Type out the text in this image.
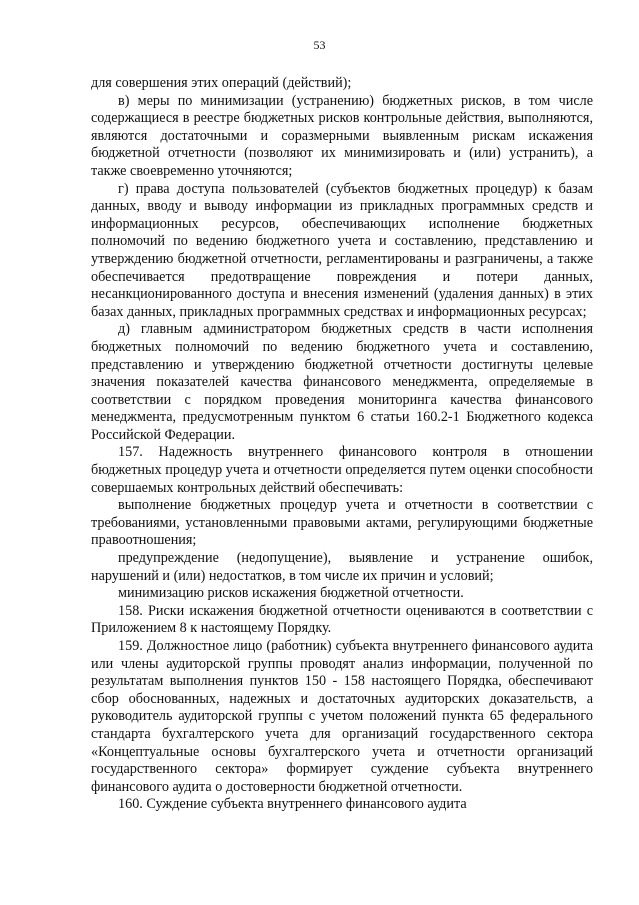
53

для совершения этих операций (действий);

в) меры по минимизации (устранению) бюджетных рисков, в том числе содержащиеся в реестре бюджетных рисков контрольные действия, выполняются, являются достаточными и соразмерными выявленным рискам искажения бюджетной отчетности (позволяют их минимизировать и (или) устранить), а также своевременно уточняются;

г) права доступа пользователей (субъектов бюджетных процедур) к базам данных, вводу и выводу информации из прикладных программных средств и информационных ресурсов, обеспечивающих исполнение бюджетных полномочий по ведению бюджетного учета и составлению, представлению и утверждению бюджетной отчетности, регламентированы и разграничены, а также обеспечивается предотвращение повреждения и потери данных, несанкционированного доступа и внесения изменений (удаления данных) в этих базах данных, прикладных программных средствах и информационных ресурсах;

д) главным администратором бюджетных средств в части исполнения бюджетных полномочий по ведению бюджетного учета и составлению, представлению и утверждению бюджетной отчетности достигнуты целевые значения показателей качества финансового менеджмента, определяемые в соответствии с порядком проведения мониторинга качества финансового менеджмента, предусмотренным пунктом 6 статьи 160.2-1 Бюджетного кодекса Российской Федерации.

157. Надежность внутреннего финансового контроля в отношении бюджетных процедур учета и отчетности определяется путем оценки способности совершаемых контрольных действий обеспечивать:

выполнение бюджетных процедур учета и отчетности в соответствии с требованиями, установленными правовыми актами, регулирующими бюджетные правоотношения;

предупреждение (недопущение), выявление и устранение ошибок, нарушений и (или) недостатков, в том числе их причин и условий;

минимизацию рисков искажения бюджетной отчетности.

158. Риски искажения бюджетной отчетности оцениваются в соответствии с Приложением 8 к настоящему Порядку.

159. Должностное лицо (работник) субъекта внутреннего финансового аудита или члены аудиторской группы проводят анализ информации, полученной по результатам выполнения пунктов 150 - 158 настоящего Порядка, обеспечивают сбор обоснованных, надежных и достаточных аудиторских доказательств, а руководитель аудиторской группы с учетом положений пункта 65 федерального стандарта бухгалтерского учета для организаций государственного сектора «Концептуальные основы бухгалтерского учета и отчетности организаций государственного сектора» формирует суждение субъекта внутреннего финансового аудита о достоверности бюджетной отчетности.

160. Суждение субъекта внутреннего финансового аудита
